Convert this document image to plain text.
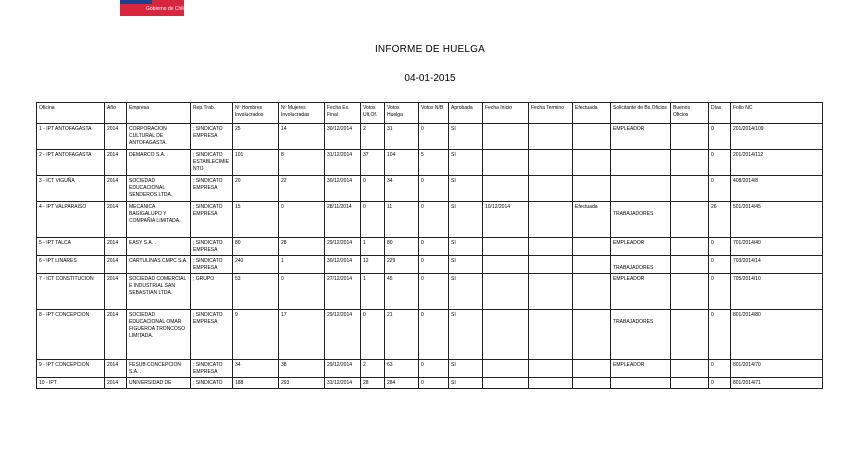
Gobierno de Chile
INFORME DE HUELGA
04-01-2015
Oficina	Año	Empresa	Rep.Trab.	Nº Hombres Involucrados	Nº Mujeres Involucradas	Fecha Ex. Final	Votos Ult.Of.	Votos Huelga	Votos N/B	Aprobada	Fecha Inicio	Fecha Termino	Efectuada	Solicitante de Bs.Oficios	Buenos Oficios	Días	Folio NC
1 - IPT ANTOFAGASTA	2014	CORPORACION CULTURAL DE ANTOFAGASTA.	; SINDICATO EMPRESA	25	14	30/12/2014	2	31	0	SI				EMPLEADOR		0	201/2014/109
2 - IPT ANTOFAGASTA	2014	DEMARCO S.A. .	; SINDICATO ESTABLECIMIENTO	101	8	31/12/2014	37	104	5	SI						0	201/2014/112
3 - ICT VIGUÑA	2014	SOCIEDAD EDUCACIONAL SENDEROS LTDA.	; SINDICATO EMPRESA	20	22	30/12/2014	0	34	0	SI						0	408/2014/8
4 - IPT VALPARAISO	2014	MECANICA BAGIGALUPO Y COMPAÑIA LIMITADA.	; SINDICATO EMPRESA	15	0	28/11/2014	0	11	0	SI	10/12/2014		Efectuada	TRABAJADORES		26	501/2014/45
5 - IPT TALCA	2014	EASY S.A. .	; SINDICATO EMPRESA	80	28	29/12/2014	1	80	0	SI				EMPLEADOR		0	701/2014/40
6 - IPT LINARES	2014	CARTULINAS CMPC S.A.	; SINDICATO EMPRESA	240	1	30/12/2014	12	229	0	SI				TRABAJADORES		0	703/2014/14
7 - ICT CONSTITUCION	2014	SOCIEDAD COMERCIAL E INDUSTRIAL SAN SEBASTIAN LTDA.	; GRUPO	53	0	27/12/2014	1	45	0	SI				EMPLEADOR		0	705/2014/10
8 - IPT CONCEPCION	2014	SOCIEDAD EDUCACIONAL OMAR FIGUEROA TRONCOSO LIMITADA.	; SINDICATO EMPRESA	9	17	29/12/2014	0	21	0	SI				TRABAJADORES		0	801/2014/80
9 - IPT CONCEPCION	2014	FESUB CONCEPCION S.A. .	; SINDICATO EMPRESA	34	38	29/12/2014	2	63	0	SI				EMPLEADOR		0	801/2014/70
10 - IPT	2014	UNIVERSIDAD DE	; SINDICATO	188	293	31/12/2014	28	284	0	SI						0	801/2014/71
